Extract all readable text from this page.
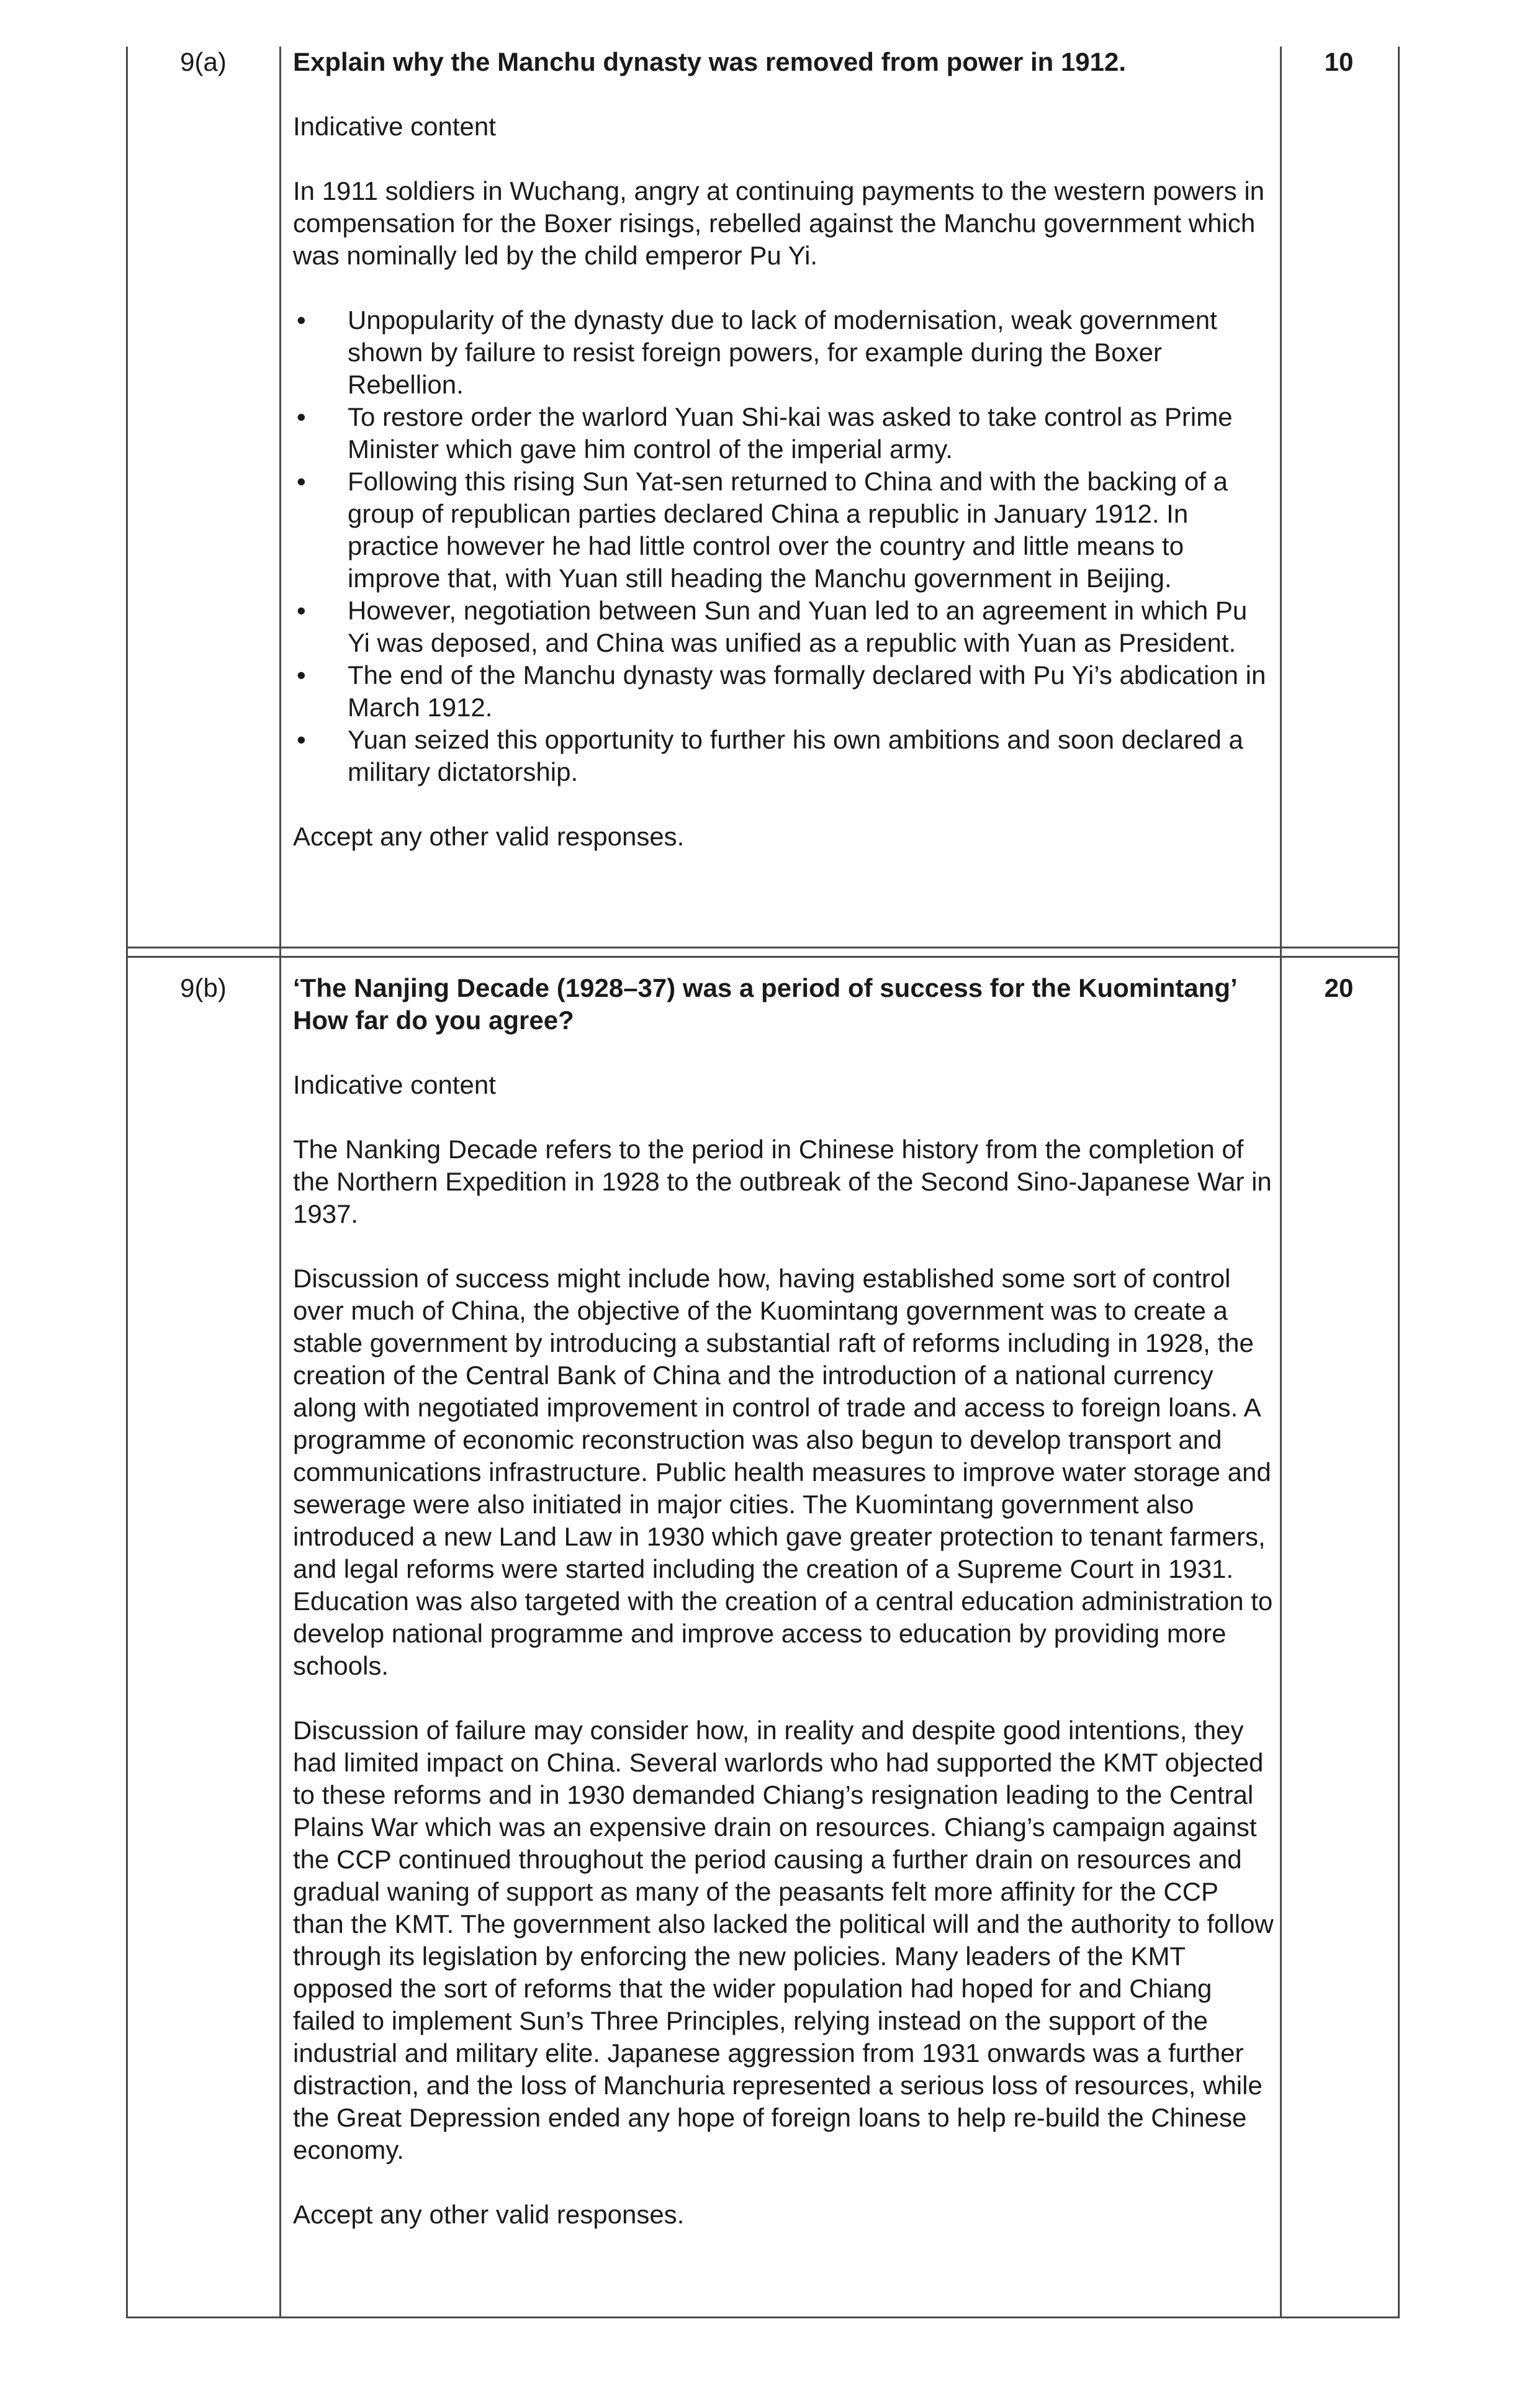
9(a)	10

Explain why the Manchu dynasty was removed from power in 1912.

Indicative content

In 1911 soldiers in Wuchang, angry at continuing payments to the western powers in compensation for the Boxer risings, rebelled against the Manchu government which was nominally led by the child emperor Pu Yi.

• Unpopularity of the dynasty due to lack of modernisation, weak government shown by failure to resist foreign powers, for example during the Boxer Rebellion.
• To restore order the warlord Yuan Shi-kai was asked to take control as Prime Minister which gave him control of the imperial army.
• Following this rising Sun Yat-sen returned to China and with the backing of a group of republican parties declared China a republic in January 1912. In practice however he had little control over the country and little means to improve that, with Yuan still heading the Manchu government in Beijing.
• However, negotiation between Sun and Yuan led to an agreement in which Pu Yi was deposed, and China was unified as a republic with Yuan as President.
• The end of the Manchu dynasty was formally declared with Pu Yi’s abdication in March 1912.
• Yuan seized this opportunity to further his own ambitions and soon declared a military dictatorship.

Accept any other valid responses.

9(b)	20

‘The Nanjing Decade (1928–37) was a period of success for the Kuomintang’ How far do you agree?

Indicative content

The Nanking Decade refers to the period in Chinese history from the completion of the Northern Expedition in 1928 to the outbreak of the Second Sino-Japanese War in 1937.

Discussion of success might include how, having established some sort of control over much of China, the objective of the Kuomintang government was to create a stable government by introducing a substantial raft of reforms including in 1928, the creation of the Central Bank of China and the introduction of a national currency along with negotiated improvement in control of trade and access to foreign loans. A programme of economic reconstruction was also begun to develop transport and communications infrastructure. Public health measures to improve water storage and sewerage were also initiated in major cities. The Kuomintang government also introduced a new Land Law in 1930 which gave greater protection to tenant farmers, and legal reforms were started including the creation of a Supreme Court in 1931. Education was also targeted with the creation of a central education administration to develop national programme and improve access to education by providing more schools.

Discussion of failure may consider how, in reality and despite good intentions, they had limited impact on China. Several warlords who had supported the KMT objected to these reforms and in 1930 demanded Chiang’s resignation leading to the Central Plains War which was an expensive drain on resources. Chiang’s campaign against the CCP continued throughout the period causing a further drain on resources and gradual waning of support as many of the peasants felt more affinity for the CCP than the KMT. The government also lacked the political will and the authority to follow through its legislation by enforcing the new policies. Many leaders of the KMT opposed the sort of reforms that the wider population had hoped for and Chiang failed to implement Sun’s Three Principles, relying instead on the support of the industrial and military elite. Japanese aggression from 1931 onwards was a further distraction, and the loss of Manchuria represented a serious loss of resources, while the Great Depression ended any hope of foreign loans to help re-build the Chinese economy.

Accept any other valid responses.
